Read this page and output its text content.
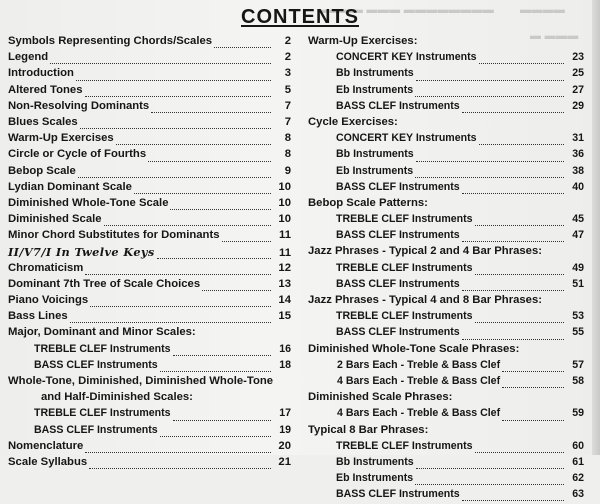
▬▬▬▬ ▬▬▬ ▬▬▬▬▬▬▬▬ ▬▬▬▬
▬ ▬▬▬
CONTENTS
Symbols Representing Chords/Scales	2
Legend	2
Introduction	3
Altered Tones	5
Non-Resolving Dominants	7
Blues Scales	7
Warm-Up Exercises	8
Circle or Cycle of Fourths	8
Bebop Scale	9
Lydian Dominant Scale	10
Diminished Whole-Tone Scale	10
Diminished Scale	10
Minor Chord Substitutes for Dominants	11
II/V7/I In Twelve Keys	11
Chromaticism	12
Dominant 7th Tree of Scale Choices	13
Piano Voicings	14
Bass Lines	15
Major, Dominant and Minor Scales:
TREBLE CLEF Instruments	16
BASS CLEF Instruments	18
Whole-Tone, Diminished, Diminished Whole-Tone
and Half-Diminished Scales:
TREBLE CLEF Instruments	17
BASS CLEF Instruments	19
Nomenclature	20
Scale Syllabus	21
Warm-Up Exercises:
CONCERT KEY Instruments	23
Bb Instruments	25
Eb Instruments	27
BASS CLEF Instruments	29
Cycle Exercises:
CONCERT KEY Instruments	31
Bb Instruments	36
Eb Instruments	38
BASS CLEF Instruments	40
Bebop Scale Patterns:
TREBLE CLEF Instruments	45
BASS CLEF Instruments	47
Jazz Phrases - Typical 2 and 4 Bar Phrases:
TREBLE CLEF Instruments	49
BASS CLEF Instruments	51
Jazz Phrases - Typical 4 and 8 Bar Phrases:
TREBLE CLEF Instruments	53
BASS CLEF Instruments	55
Diminished Whole-Tone Scale Phrases:
2 Bars Each - Treble & Bass Clef	57
4 Bars Each - Treble & Bass Clef	58
Diminished Scale Phrases:
4 Bars Each - Treble & Bass Clef	59
Typical 8 Bar Phrases:
TREBLE CLEF Instruments	60
Bb Instruments	61
Eb Instruments	62
BASS CLEF Instruments	63
